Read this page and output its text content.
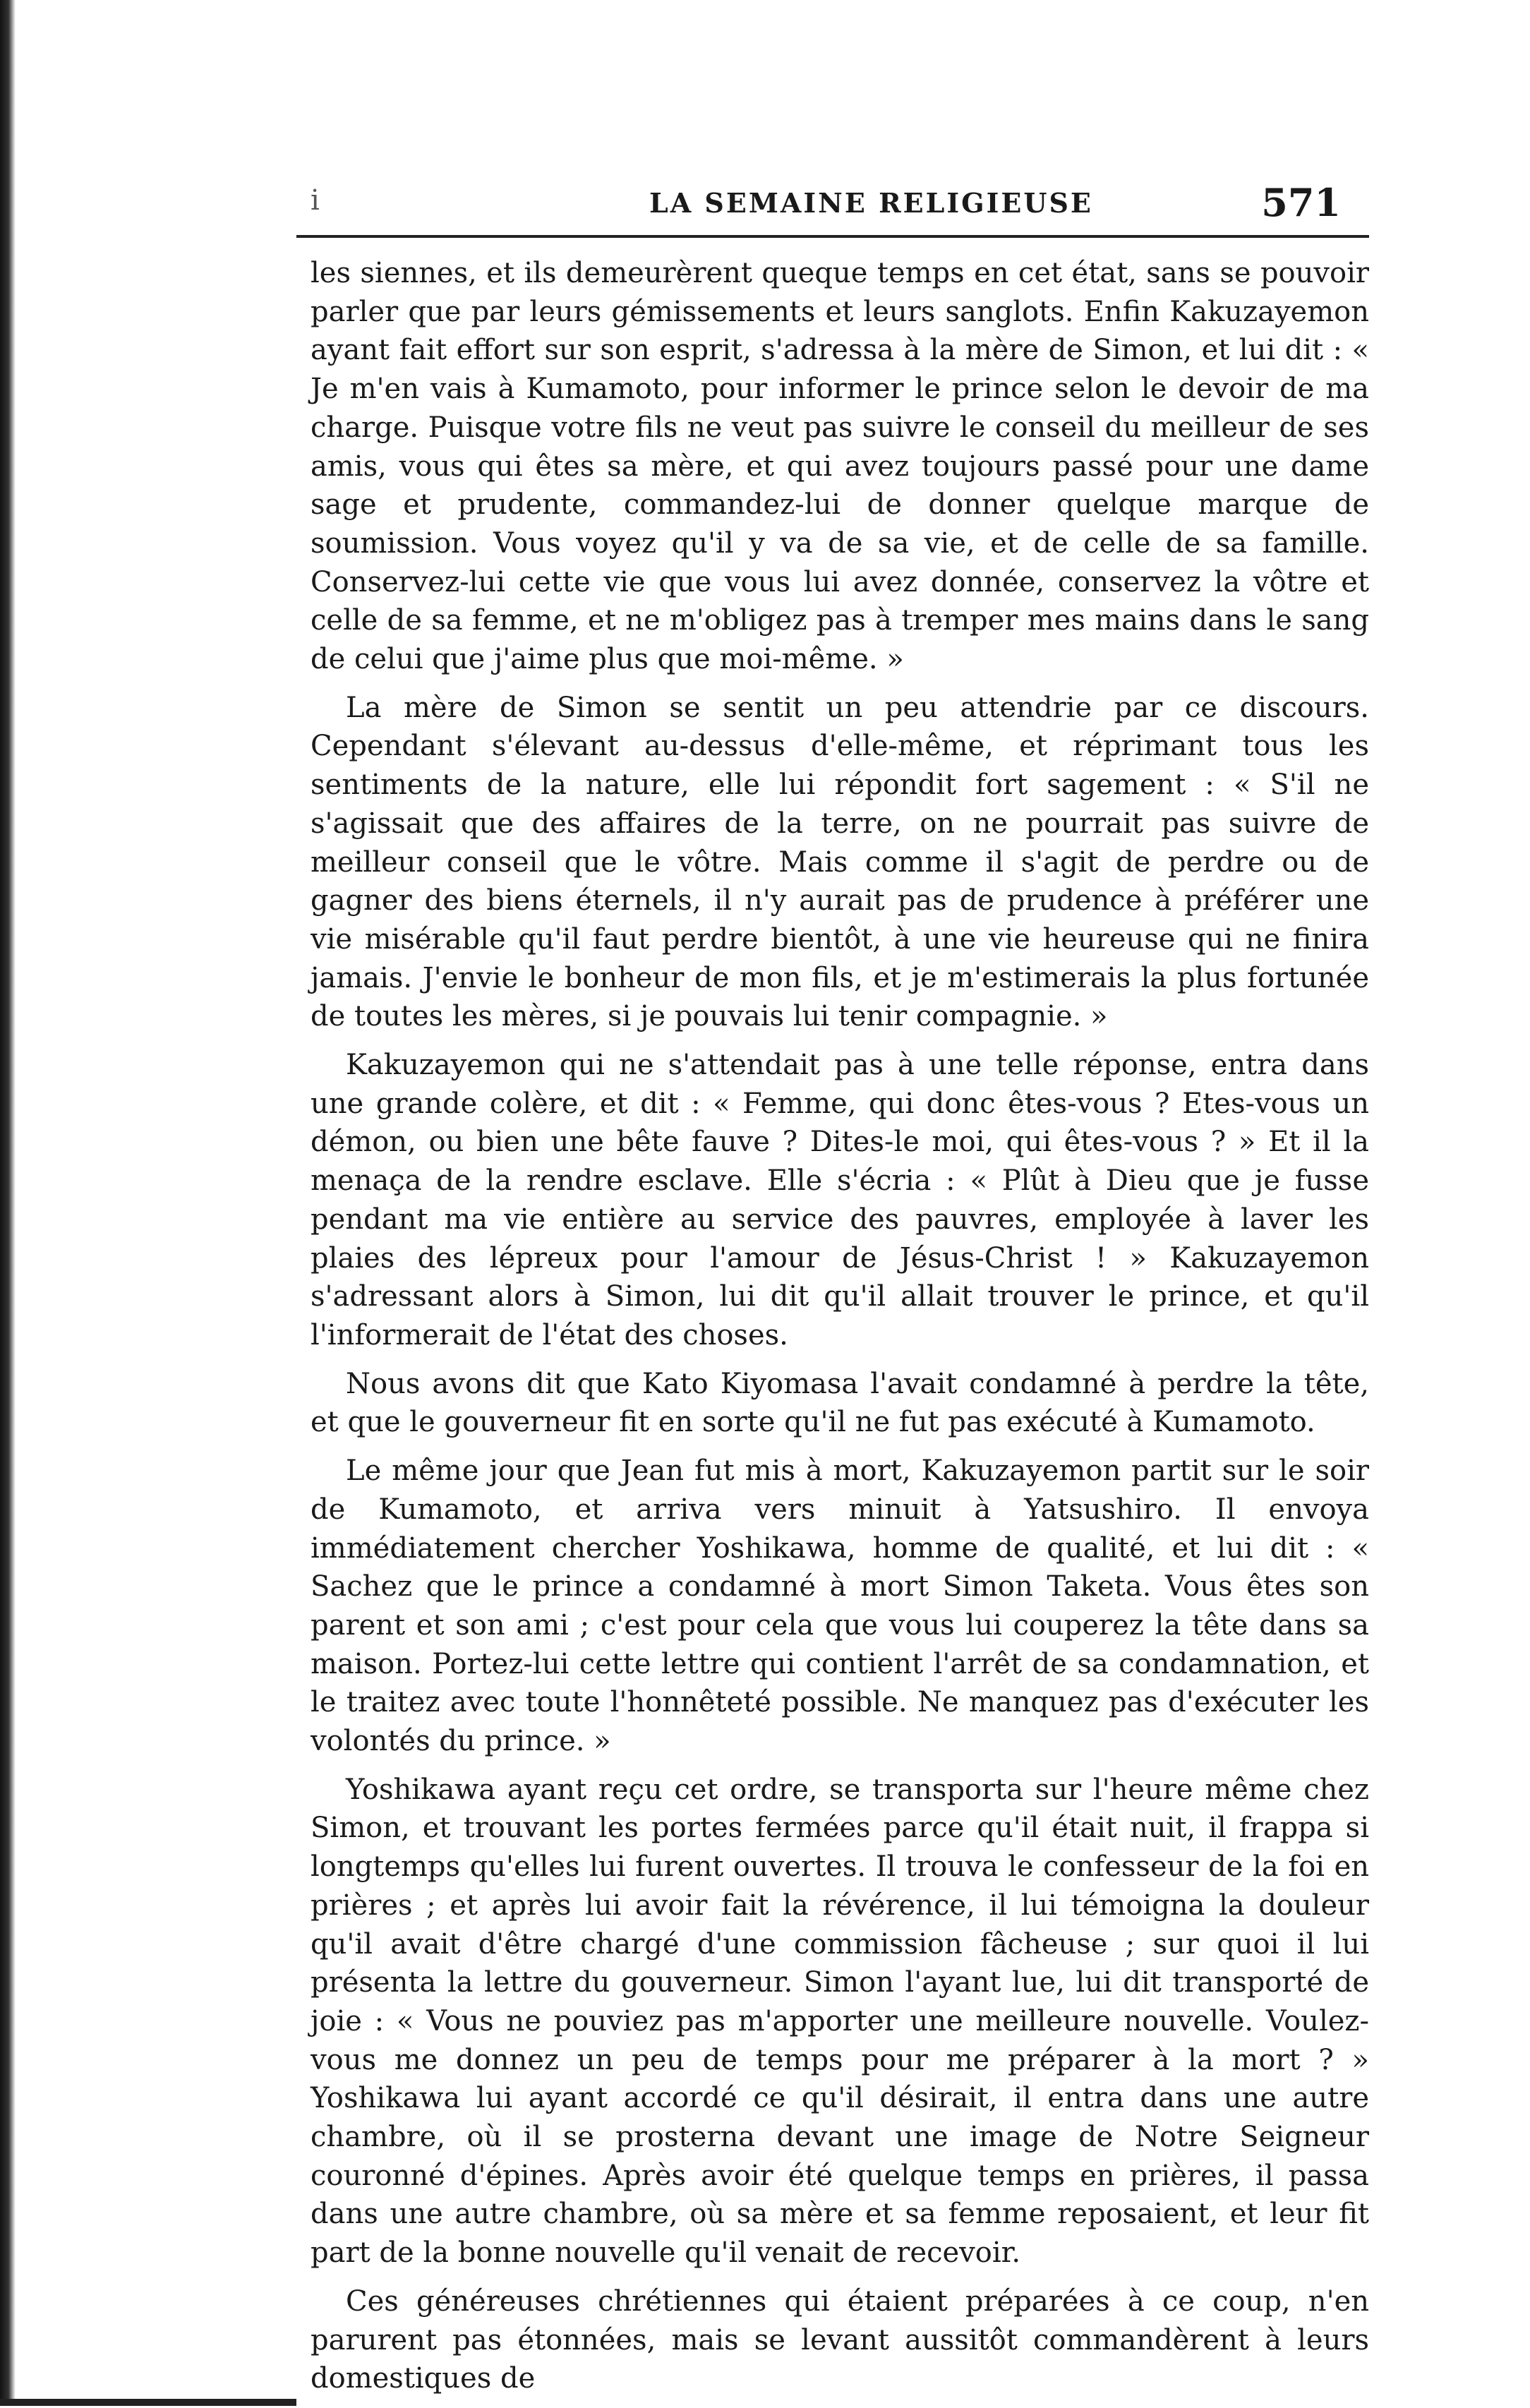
i	LA SEMAINE RELIGIEUSE	571

les siennes, et ils demeurèrent queque temps en cet état, sans se pouvoir parler que par leurs gémissements et leurs sanglots. Enfin Kakuzayemon ayant fait effort sur son esprit, s'adressa à la mère de Simon, et lui dit : « Je m'en vais à Kumamoto, pour informer le prince selon le devoir de ma charge. Puisque votre fils ne veut pas suivre le conseil du meilleur de ses amis, vous qui êtes sa mère, et qui avez toujours passé pour une dame sage et prudente, commandez-lui de donner quelque marque de soumission. Vous voyez qu'il y va de sa vie, et de celle de sa famille. Conservez-lui cette vie que vous lui avez donnée, conservez la vôtre et celle de sa femme, et ne m'obligez pas à tremper mes mains dans le sang de celui que j'aime plus que moi-même. »

La mère de Simon se sentit un peu attendrie par ce discours. Cependant s'élevant au-dessus d'elle-même, et réprimant tous les sentiments de la nature, elle lui répondit fort sagement : « S'il ne s'agissait que des affaires de la terre, on ne pourrait pas suivre de meilleur conseil que le vôtre. Mais comme il s'agit de perdre ou de gagner des biens éternels, il n'y aurait pas de prudence à préférer une vie misérable qu'il faut perdre bientôt, à une vie heureuse qui ne finira jamais. J'envie le bonheur de mon fils, et je m'estimerais la plus fortunée de toutes les mères, si je pouvais lui tenir compagnie. »

Kakuzayemon qui ne s'attendait pas à une telle réponse, entra dans une grande colère, et dit : « Femme, qui donc êtes-vous ? Etes-vous un démon, ou bien une bête fauve ? Dites-le moi, qui êtes-vous ? » Et il la menaça de la rendre esclave. Elle s'écria : « Plût à Dieu que je fusse pendant ma vie entière au service des pauvres, employée à laver les plaies des lépreux pour l'amour de Jésus-Christ ! » Kakuzayemon s'adressant alors à Simon, lui dit qu'il allait trouver le prince, et qu'il l'informerait de l'état des choses.

Nous avons dit que Kato Kiyomasa l'avait condamné à perdre la tête, et que le gouverneur fit en sorte qu'il ne fut pas exécuté à Kumamoto.

Le même jour que Jean fut mis à mort, Kakuzayemon partit sur le soir de Kumamoto, et arriva vers minuit à Yatsushiro. Il envoya immédiatement chercher Yoshikawa, homme de qualité, et lui dit : « Sachez que le prince a condamné à mort Simon Taketa. Vous êtes son parent et son ami ; c'est pour cela que vous lui couperez la tête dans sa maison. Portez-lui cette lettre qui contient l'arrêt de sa condamnation, et le traitez avec toute l'honnêteté possible. Ne manquez pas d'exécuter les volontés du prince. »

Yoshikawa ayant reçu cet ordre, se transporta sur l'heure même chez Simon, et trouvant les portes fermées parce qu'il était nuit, il frappa si longtemps qu'elles lui furent ouvertes. Il trouva le confesseur de la foi en prières ; et après lui avoir fait la révérence, il lui témoigna la douleur qu'il avait d'être chargé d'une commission fâcheuse ; sur quoi il lui présenta la lettre du gouverneur. Simon l'ayant lue, lui dit transporté de joie : « Vous ne pouviez pas m'apporter une meilleure nouvelle. Voulez-vous me donnez un peu de temps pour me préparer à la mort ? » Yoshikawa lui ayant accordé ce qu'il désirait, il entra dans une autre chambre, où il se prosterna devant une image de Notre Seigneur couronné d'épines. Après avoir été quelque temps en prières, il passa dans une autre chambre, où sa mère et sa femme reposaient, et leur fit part de la bonne nouvelle qu'il venait de recevoir.

Ces généreuses chrétiennes qui étaient préparées à ce coup, n'en parurent pas étonnées, mais se levant aussitôt commandèrent à leurs domestiques de
